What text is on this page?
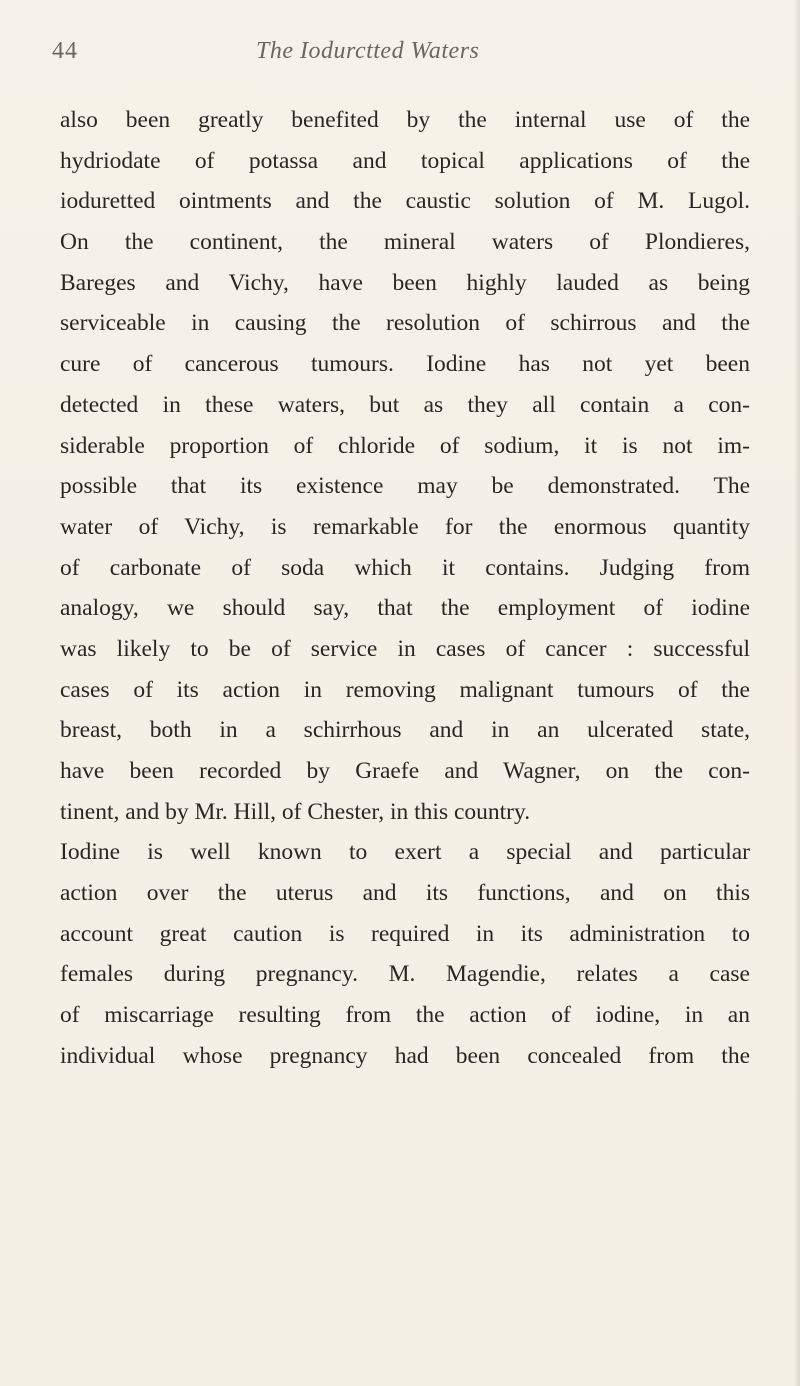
44	The Iodurctted Waters
also been greatly benefited by the internal use of the
hydriodate of potassa and topical applications of the
ioduretted ointments and the caustic solution of M. Lugol.
On the continent, the mineral waters of Plondieres,
Bareges and Vichy, have been highly lauded as being
serviceable in causing the resolution of schirrous and the
cure of cancerous tumours. Iodine has not yet been
detected in these waters, but as they all contain a con-
siderable proportion of chloride of sodium, it is not im-
possible that its existence may be demonstrated. The
water of Vichy, is remarkable for the enormous quantity
of carbonate of soda which it contains. Judging from
analogy, we should say, that the employment of iodine
was likely to be of service in cases of cancer : successful
cases of its action in removing malignant tumours of the
breast, both in a schirrhous and in an ulcerated state,
have been recorded by Graefe and Wagner, on the con-
tinent, and by Mr. Hill, of Chester, in this country.
Iodine is well known to exert a special and particular
action over the uterus and its functions, and on this
account great caution is required in its administration to
females during pregnancy. M. Magendie, relates a case
of miscarriage resulting from the action of iodine, in an
individual whose pregnancy had been concealed from the
